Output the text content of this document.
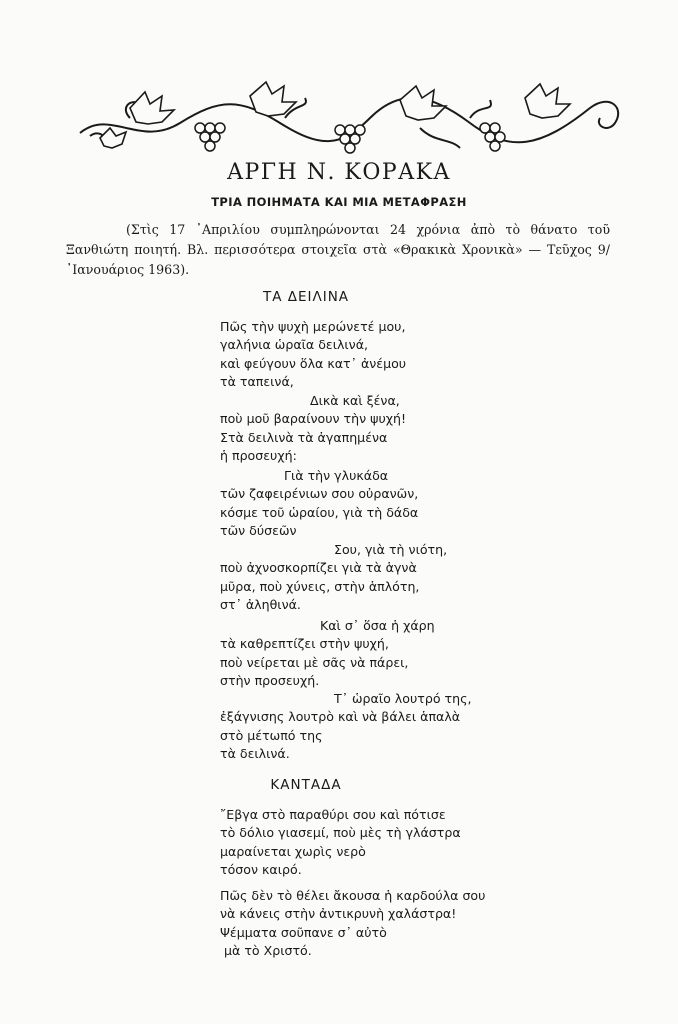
ΑΡΓΗ Ν. ΚΟΡΑΚΑ
ΤΡΙΑ ΠΟΙΗΜΑΤΑ ΚΑΙ ΜΙΑ ΜΕΤΑΦΡΑΣΗ
(Στὶς 17 ᾿Απριλίου συμπληρώνονται 24 χρόνια ἀπὸ τὸ θάνατο τοῦ Ξανθιώτη ποιητή. Βλ. περισσότερα στοιχεῖα στὰ «Θρακικὰ Χρονικὰ» — Τεῦχος 9/ ᾿Ιανουάριος 1963).
ΤΑ ΔΕΙΛΙΝΑ
Πῶς τὴν ψυχὴ μερώνετέ μου,
γαλήνια ὡραῖα δειλινά,
καὶ φεύγουν ὅλα κατ᾿ ἀνέμου
τὰ ταπεινά,
Δικὰ καὶ ξένα,
ποὺ μοῦ βαραίνουν τὴν ψυχή!
Στὰ δειλινὰ τὰ ἀγαπημένα
ἡ προσευχή:
Γιὰ τὴν γλυκάδα
τῶν ζαφειρένιων σου οὐρανῶν,
κόσμε τοῦ ὡραίου, γιὰ τὴ δάδα
τῶν δύσεῶν
Σου, γιὰ τὴ νιότη,
ποὺ ἀχνοσκορπίζει γιὰ τὰ ἁγνὰ
μῦρα, ποὺ χύνεις, στὴν ἁπλότη,
στ᾿ ἀληθινά.
Καὶ σ᾿ ὅσα ἡ χάρη
τὰ καθρεπτίζει στὴν ψυχή,
ποὺ νείρεται μὲ σᾶς νὰ πάρει,
στὴν προσευχή.
Τ᾿ ὡραῖο λουτρό της,
ἐξάγνισης λουτρὸ καὶ νὰ βάλει ἁπαλὰ
στὸ μέτωπό της
τὰ δειλινά.
ΚΑΝΤΑΔΑ
῎Εβγα στὸ παραθύρι σου καὶ πότισε
τὸ δόλιο γιασεμί, ποὺ μὲς τὴ γλάστρα
μαραίνεται χωρὶς νερὸ
τόσον καιρό.
Πῶς δὲν τὸ θέλει ἄκουσα ἡ καρδούλα σου
νὰ κάνεις στὴν ἀντικρυνὴ χαλάστρα!
Ψέμματα σοῦπανε σ᾿ αὐτὸ
μὰ τὸ Χριστό.
